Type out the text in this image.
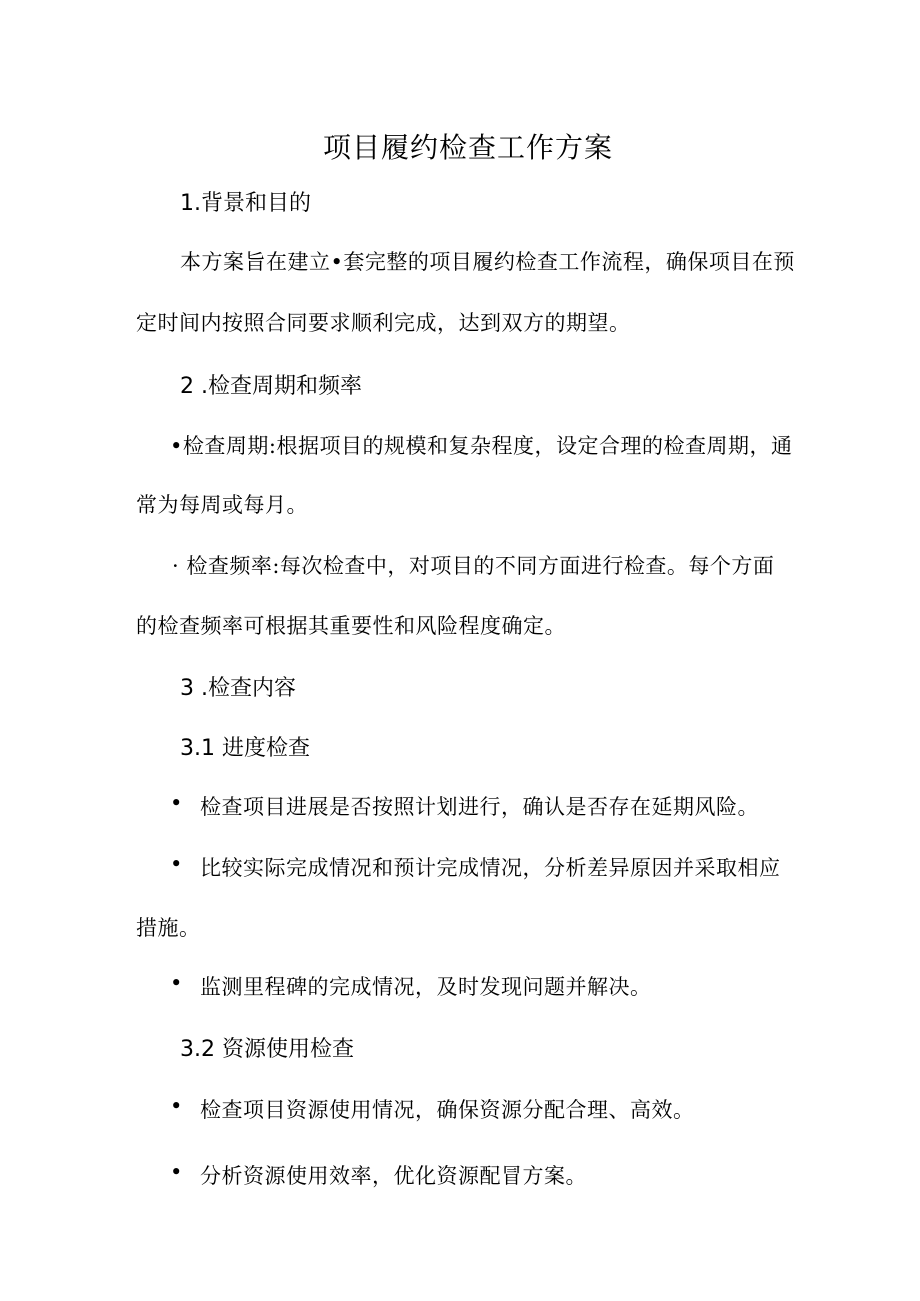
项目履约检查工作方案
1.背景和目的
本方案旨在建立•套完整的项目履约检查工作流程，确保项目在预
定时间内按照合同要求顺利完成，达到双方的期望。
2 .检查周期和频率
•检查周期:根据项目的规模和复杂程度，设定合理的检查周期，通
常为每周或每月。
· 检查频率:每次检查中，对项目的不同方面进行检查。每个方面
的检查频率可根据其重要性和风险程度确定。
3 .检查内容
3.1 进度检查
• 检查项目进展是否按照计划进行，确认是否存在延期风险。
• 比较实际完成情况和预计完成情况，分析差异原因并采取相应
措施。
• 监测里程碑的完成情况，及时发现问题并解决。
3.2 资源使用检查
• 检查项目资源使用情况，确保资源分配合理、高效。
• 分析资源使用效率，优化资源配冒方案。
